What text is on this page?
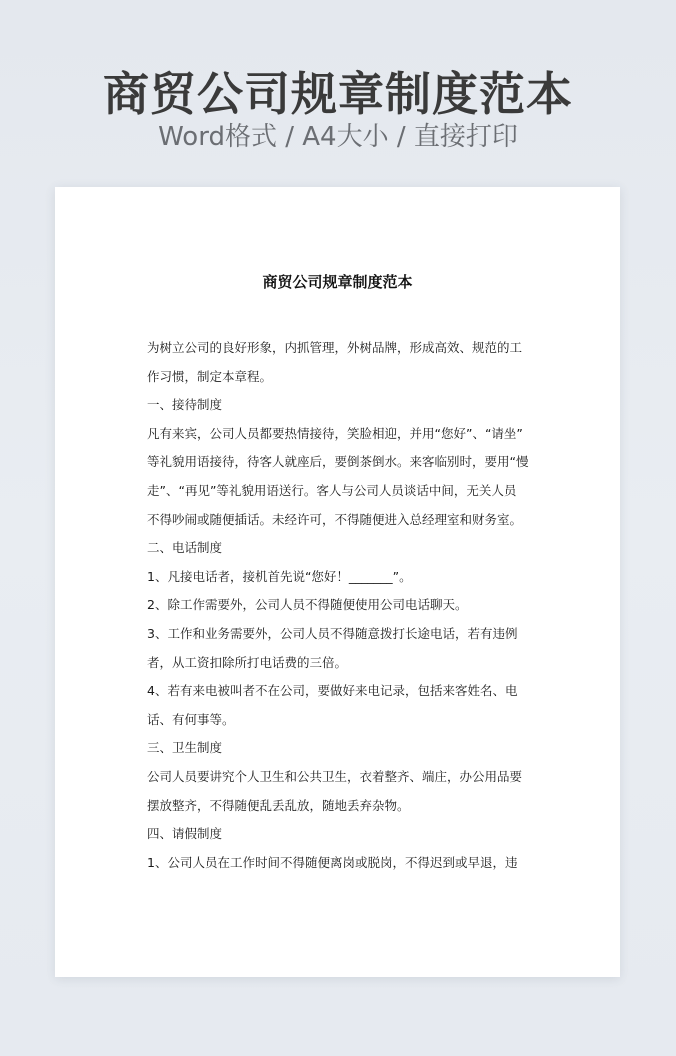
商贸公司规章制度范本
Word格式 / A4大小 / 直接打印
商贸公司规章制度范本
为树立公司的良好形象，内抓管理，外树品牌，形成高效、规范的工
作习惯，制定本章程。
一、接待制度
凡有来宾，公司人员都要热情接待，笑脸相迎，并用“您好”、“请坐”
等礼貌用语接待，待客人就座后，要倒茶倒水。来客临别时，要用“慢
走”、“再见”等礼貌用语送行。客人与公司人员谈话中间，无关人员
不得吵闹或随便插话。未经许可，不得随便进入总经理室和财务室。
二、电话制度
1、凡接电话者，接机首先说“您好！_______”。
2、除工作需要外，公司人员不得随便使用公司电话聊天。
3、工作和业务需要外，公司人员不得随意拨打长途电话，若有违例
者，从工资扣除所打电话费的三倍。
4、若有来电被叫者不在公司，要做好来电记录，包括来客姓名、电
话、有何事等。
三、卫生制度
公司人员要讲究个人卫生和公共卫生，衣着整齐、端庄，办公用品要
摆放整齐，不得随便乱丢乱放，随地丢弃杂物。
四、请假制度
1、公司人员在工作时间不得随便离岗或脱岗，不得迟到或早退，违
